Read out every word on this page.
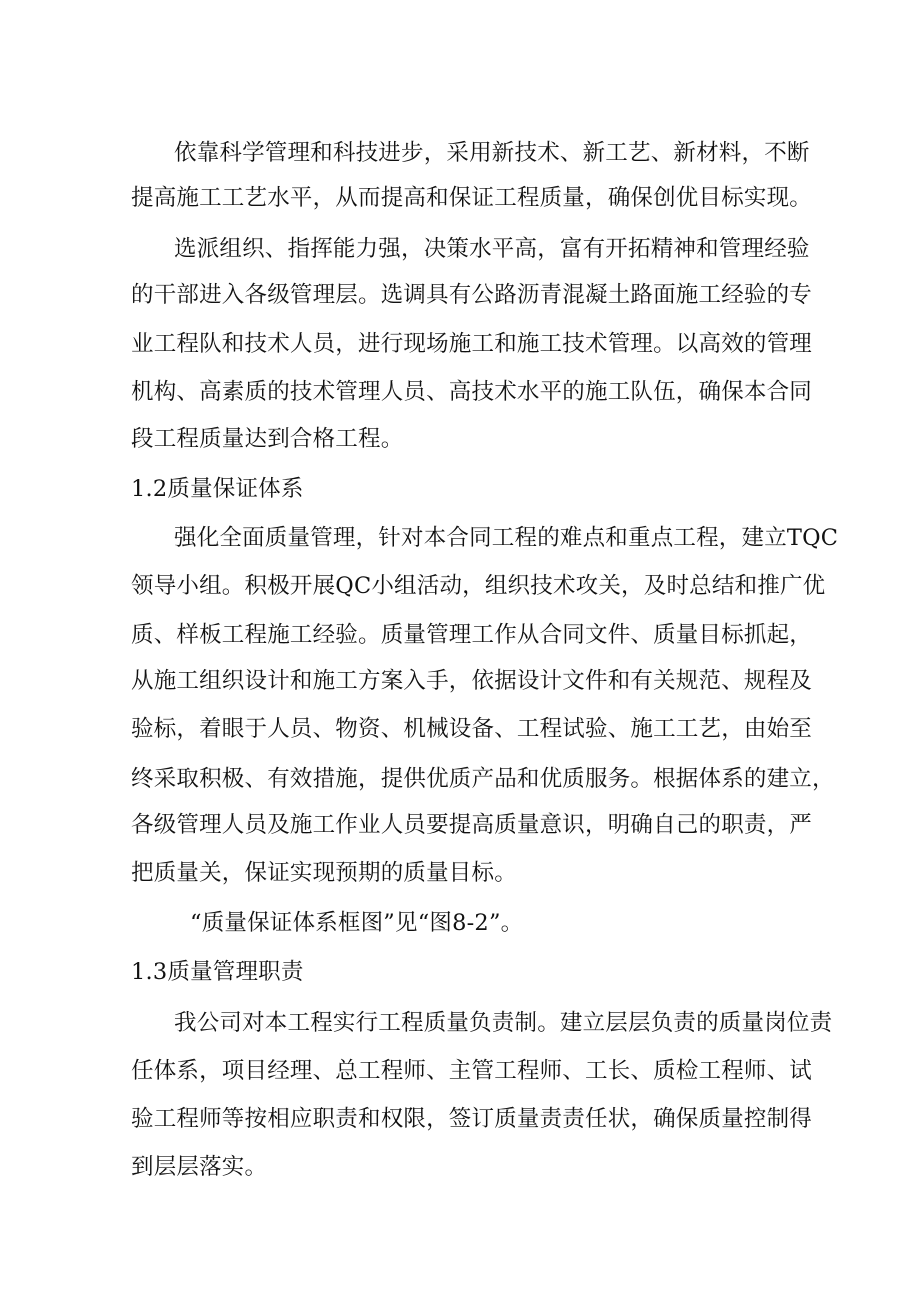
依靠科学管理和科技进步，采用新技术、新工艺、新材料，不断
提高施工工艺水平，从而提高和保证工程质量，确保创优目标实现。
选派组织、指挥能力强，决策水平高，富有开拓精神和管理经验
的干部进入各级管理层。选调具有公路沥青混凝土路面施工经验的专
业工程队和技术人员，进行现场施工和施工技术管理。以高效的管理
机构、高素质的技术管理人员、高技术水平的施工队伍，确保本合同
段工程质量达到合格工程。
1.2质量保证体系
强化全面质量管理，针对本合同工程的难点和重点工程，建立TQC
领导小组。积极开展QC小组活动，组织技术攻关，及时总结和推广优
质、样板工程施工经验。质量管理工作从合同文件、质量目标抓起，
从施工组织设计和施工方案入手，依据设计文件和有关规范、规程及
验标，着眼于人员、物资、机械设备、工程试验、施工工艺，由始至
终采取积极、有效措施，提供优质产品和优质服务。根据体系的建立，
各级管理人员及施工作业人员要提高质量意识，明确自己的职责，严
把质量关，保证实现预期的质量目标。
“质量保证体系框图”见“图8-2”。
1.3质量管理职责
我公司对本工程实行工程质量负责制。建立层层负责的质量岗位责
任体系，项目经理、总工程师、主管工程师、工长、质检工程师、试
验工程师等按相应职责和权限，签订质量责责任状，确保质量控制得
到层层落实。
